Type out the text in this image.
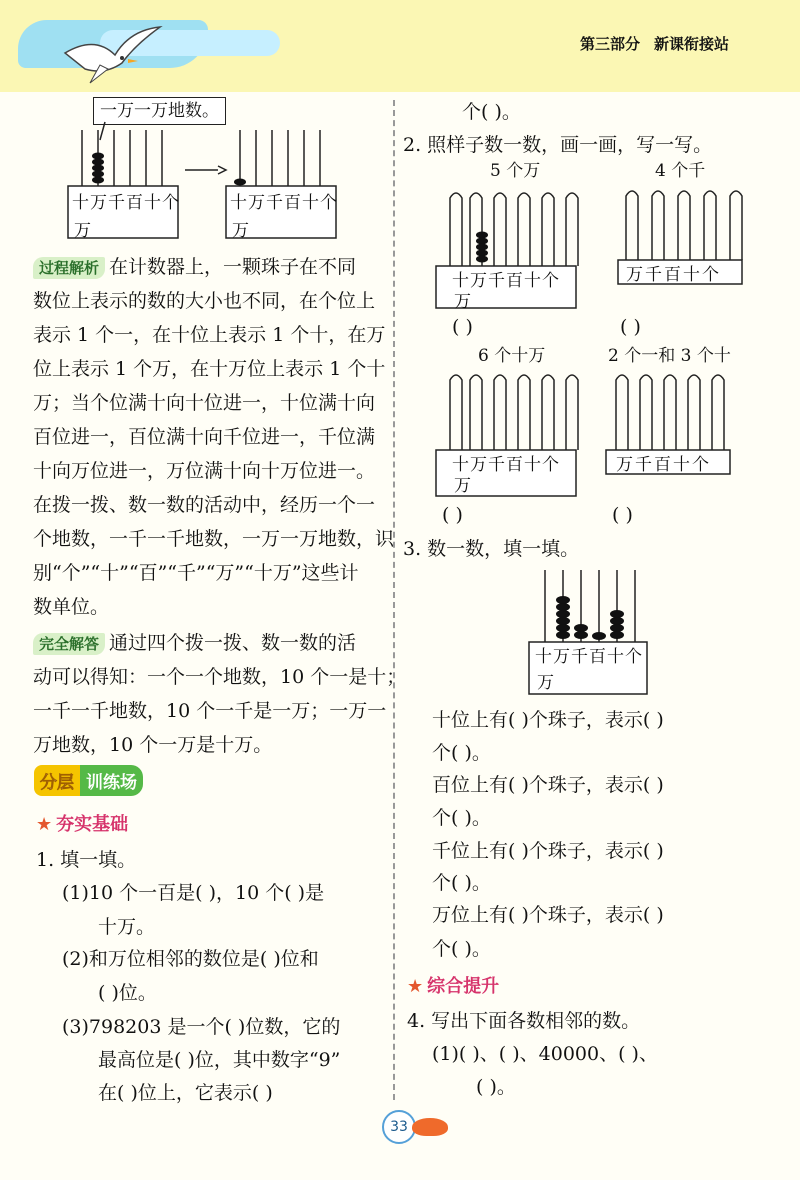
第三部分 新课衔接站
一万一万地数。
十万千百十个
万
十万千百十个
万
过程解析 在计数器上，一颗珠子在不同
数位上表示的数的大小也不同，在个位上
表示 1 个一，在十位上表示 1 个十，在万
位上表示 1 个万，在十万位上表示 1 个十
万；当个位满十向十位进一，十位满十向
百位进一，百位满十向千位进一，千位满
十向万位进一，万位满十向十万位进一。
在拨一拨、数一数的活动中，经历一个一
个地数，一千一千地数，一万一万地数，识
别“个”“十”“百”“千”“万”“十万”这些计
数单位。
完全解答 通过四个拨一拨、数一数的活
动可以得知：一个一个地数，10 个一是十；
一千一千地数，10 个一千是一万；一万一
万地数，10 个一万是十万。
分层 训练场
★ 夯实基础
1. 填一填。
(1)10 个一百是( )，10 个( )是
十万。
(2)和万位相邻的数位是( )位和
( )位。
(3)798203 是一个( )位数，它的
最高位是( )位，其中数字“9”
在( )位上，它表示( )
个( )。
2. 照样子数一数，画一画，写一写。
5 个万	4 个千
6 个十万	2 个一和 3 个十
十万千百十个
万
万千百十个
十万千百十个
万
万千百十个
( )	( )
( )	( )
3. 数一数，填一填。
十万千百十个
万
十位上有( )个珠子，表示( )
个( )。
百位上有( )个珠子，表示( )
个( )。
千位上有( )个珠子，表示( )
个( )。
万位上有( )个珠子，表示( )
个( )。
★ 综合提升
4. 写出下面各数相邻的数。
(1)( )、( )、40000、( )、
( )。
33
